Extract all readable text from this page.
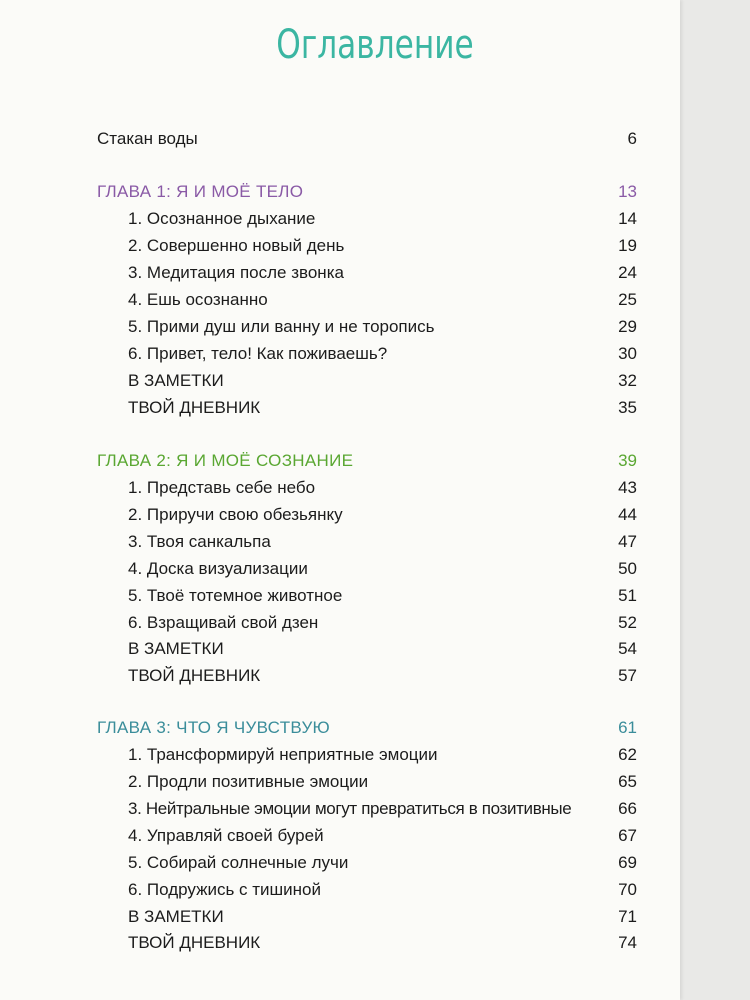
Оглавление
Стакан воды	6
ГЛАВА 1: Я И МОЁ ТЕЛО	13
1. Осознанное дыхание	14
2. Совершенно новый день	19
3. Медитация после звонка	24
4. Ешь осознанно	25
5. Прими душ или ванну и не торопись	29
6. Привет, тело! Как поживаешь?	30
В ЗАМЕТКИ	32
ТВОЙ ДНЕВНИК	35
ГЛАВА 2: Я И МОЁ СОЗНАНИЕ	39
1. Представь себе небо	43
2. Приручи свою обезьянку	44
3. Твоя санкальпа	47
4. Доска визуализации	50
5. Твоё тотемное животное	51
6. Взращивай свой дзен	52
В ЗАМЕТКИ	54
ТВОЙ ДНЕВНИК	57
ГЛАВА 3: ЧТО Я ЧУВСТВУЮ	61
1. Трансформируй неприятные эмоции	62
2. Продли позитивные эмоции	65
3. Нейтральные эмоции могут превратиться в позитивные	66
4. Управляй своей бурей	67
5. Собирай солнечные лучи	69
6. Подружись с тишиной	70
В ЗАМЕТКИ	71
ТВОЙ ДНЕВНИК	74
